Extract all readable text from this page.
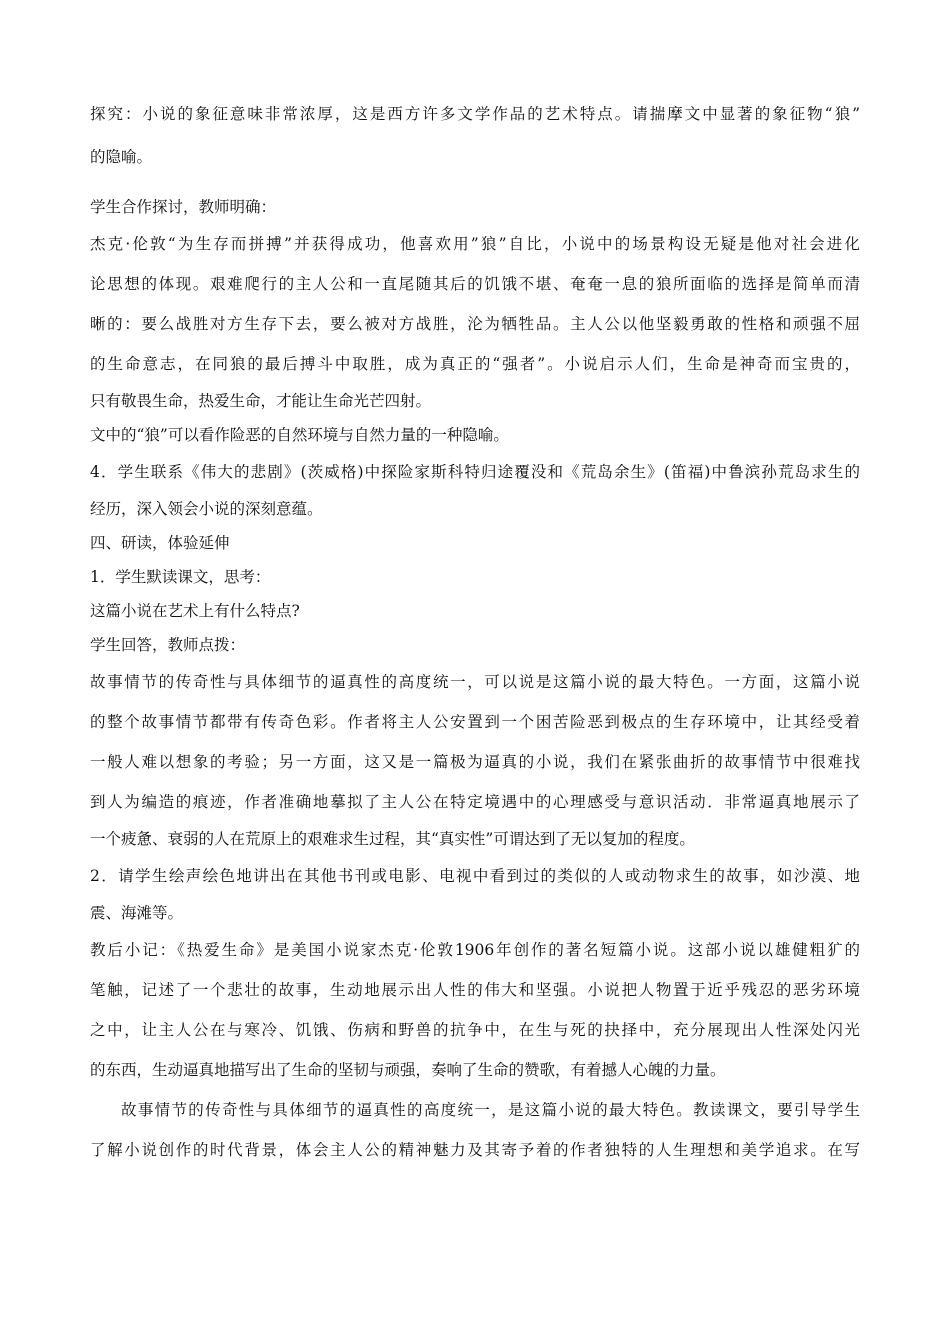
探究：小说的象征意味非常浓厚，这是西方许多文学作品的艺术特点。请揣摩文中显著的象征物“狼”
的隐喻。
学生合作探讨，教师明确：
杰克·伦敦“为生存而拼搏”并获得成功，他喜欢用”狼”自比，小说中的场景构设无疑是他对社会进化
论思想的体现。艰难爬行的主人公和一直尾随其后的饥饿不堪、奄奄一息的狼所面临的选择是简单而清
晰的：要么战胜对方生存下去，要么被对方战胜，沦为牺牲品。主人公以他坚毅勇敢的性格和顽强不屈
的生命意志，在同狼的最后搏斗中取胜，成为真正的“强者”。小说启示人们，生命是神奇而宝贵的，
只有敬畏生命，热爱生命，才能让生命光芒四射。
文中的“狼”可以看作险恶的自然环境与自然力量的一种隐喻。
4．学生联系《伟大的悲剧》(茨威格)中探险家斯科特归途覆没和《荒岛余生》(笛福)中鲁滨孙荒岛求生的
经历，深入领会小说的深刻意蕴。
四、研读，体验延伸
1．学生默读课文，思考：
这篇小说在艺术上有什么特点?
学生回答，教师点拨：
故事情节的传奇性与具体细节的逼真性的高度统一，可以说是这篇小说的最大特色。一方面，这篇小说
的整个故事情节都带有传奇色彩。作者将主人公安置到一个困苦险恶到极点的生存环境中，让其经受着
一般人难以想象的考验；另一方面，这又是一篇极为逼真的小说，我们在紧张曲折的故事情节中很难找
到人为编造的痕迹，作者准确地摹拟了主人公在特定境遇中的心理感受与意识活动．非常逼真地展示了
一个疲惫、衰弱的人在荒原上的艰难求生过程，其“真实性”可谓达到了无以复加的程度。
2．请学生绘声绘色地讲出在其他书刊或电影、电视中看到过的类似的人或动物求生的故事，如沙漠、地
震、海滩等。
教后小记：《热爱生命》是美国小说家杰克·伦敦1906年创作的著名短篇小说。这部小说以雄健粗犷的
笔触，记述了一个悲壮的故事，生动地展示出人性的伟大和坚强。小说把人物置于近乎残忍的恶劣环境
之中，让主人公在与寒冷、饥饿、伤病和野兽的抗争中，在生与死的抉择中，充分展现出人性深处闪光
的东西，生动逼真地描写出了生命的坚韧与顽强，奏响了生命的赞歌，有着撼人心魄的力量。
故事情节的传奇性与具体细节的逼真性的高度统一，是这篇小说的最大特色。教读课文，要引导学生
了解小说创作的时代背景，体会主人公的精神魅力及其寄予着的作者独特的人生理想和美学追求。在写
